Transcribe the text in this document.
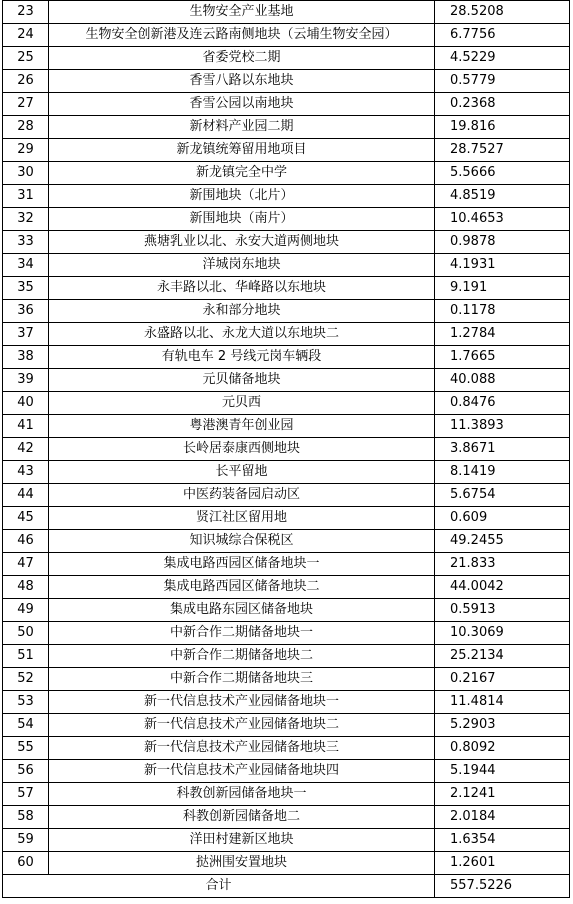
23	生物安全产业基地	28.5208
24	生物安全创新港及连云路南侧地块（云埔生物安全园）	6.7756
25	省委党校二期	4.5229
26	香雪八路以东地块	0.5779
27	香雪公园以南地块	0.2368
28	新材料产业园二期	19.816
29	新龙镇统筹留用地项目	28.7527
30	新龙镇完全中学	5.5666
31	新围地块（北片）	4.8519
32	新围地块（南片）	10.4653
33	燕塘乳业以北、永安大道两侧地块	0.9878
34	洋城岗东地块	4.1931
35	永丰路以北、华峰路以东地块	9.191
36	永和部分地块	0.1178
37	永盛路以北、永龙大道以东地块二	1.2784
38	有轨电车 2 号线元岗车辆段	1.7665
39	元贝储备地块	40.088
40	元贝西	0.8476
41	粤港澳青年创业园	11.3893
42	长岭居泰康西侧地块	3.8671
43	长平留地	8.1419
44	中医药装备园启动区	5.6754
45	贤江社区留用地	0.609
46	知识城综合保税区	49.2455
47	集成电路西园区储备地块一	21.833
48	集成电路西园区储备地块二	44.0042
49	集成电路东园区储备地块	0.5913
50	中新合作二期储备地块一	10.3069
51	中新合作二期储备地块二	25.2134
52	中新合作二期储备地块三	0.2167
53	新一代信息技术产业园储备地块一	11.4814
54	新一代信息技术产业园储备地块二	5.2903
55	新一代信息技术产业园储备地块三	0.8092
56	新一代信息技术产业园储备地块四	5.1944
57	科教创新园储备地块一	2.1241
58	科教创新园储备地二	2.0184
59	洋田村建新区地块	1.6354
60	挞洲围安置地块	1.2601
合计		557.5226
